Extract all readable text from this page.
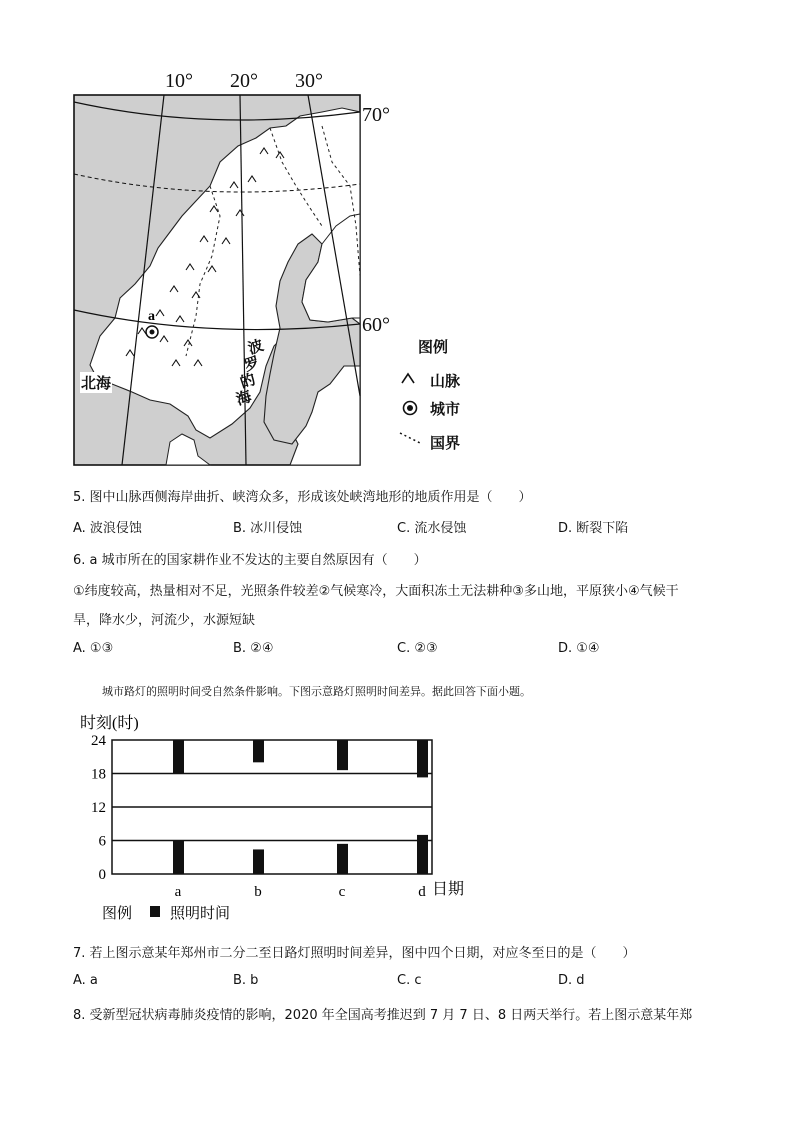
a
10° 20° 30°
70°
60°
北海
波
罗
的
海
图例
山脉
城市
国界
5. 图中山脉西侧海岸曲折、峡湾众多，形成该处峡湾地形的地质作用是（　　）
A. 波浪侵蚀	B. 冰川侵蚀	C. 流水侵蚀	D. 断裂下陷
6. a 城市所在的国家耕作业不发达的主要自然原因有（　　）
①纬度较高，热量相对不足，光照条件较差②气候寒冷，大面积冻土无法耕种③多山地，平原狭小④气候干
旱，降水少，河流少，水源短缺
A. ①③	B. ②④	C. ②③	D. ①④
城市路灯的照明时间受自然条件影响。下图示意路灯照明时间差异。据此回答下面小题。
时刻(时)
0
6
12
18
24
a	b	c	d 日期
图例	照明时间
7. 若上图示意某年郑州市二分二至日路灯照明时间差异，图中四个日期，对应冬至日的是（　　）
A. a	B. b	C. c	D. d
8. 受新型冠状病毒肺炎疫情的影响，2020 年全国高考推迟到 7 月 7 日、8 日两天举行。若上图示意某年郑
